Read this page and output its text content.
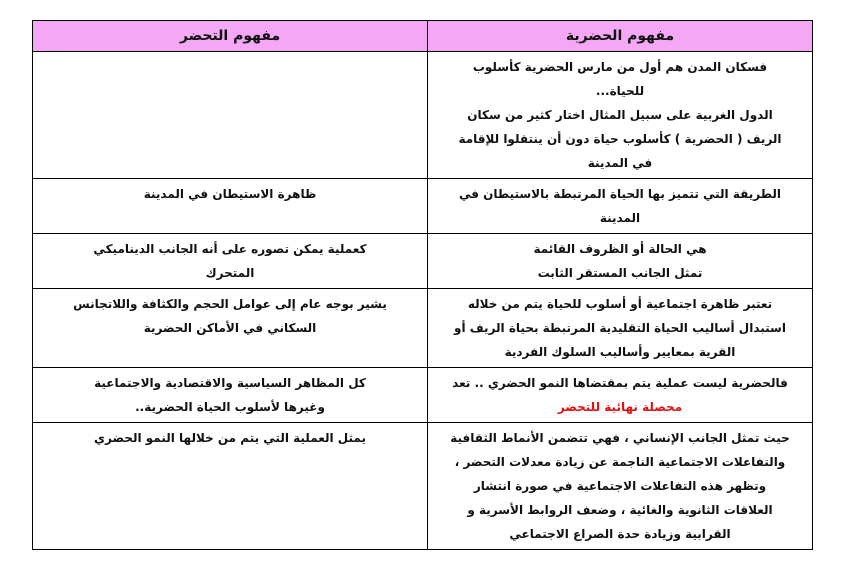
مفهوم الحضرية	مفهوم التحضر

فسكان المدن هم أول من مارس الحضرية كأسلوب
للحياة...
الدول الغربية على سبيل المثال اختار كثير من سكان
الريف ( الحضرية ) كأسلوب حياة دون أن ينتقلوا للإقامة
في المدينة	

الطريقة التي تتميز بها الحياة المرتبطة بالاستيطان في
المدينة	ظاهرة الاستيطان في المدينة

هي الحالة أو الظروف القائمة
تمثل الجانب المستقر الثابت	كعملية يمكن تصوره على أنه الجانب الديناميكي
المتحرك

تعتبر ظاهرة اجتماعية أو أسلوب للحياة يتم من خلاله
استبدال أساليب الحياة التقليدية المرتبطة بحياة الريف أو
القرية بمعايير وأساليب السلوك الفردية	يشير بوجه عام إلى عوامل الحجم والكثافة واللاتجانس
السكاني في الأماكن الحضرية

فالحضرية ليست عملية يتم بمقتضاها النمو الحضري .. تعد
محصلة نهائية للتحضر	كل المظاهر السياسية والاقتصادية والاجتماعية
وغيرها لأسلوب الحياة الحضرية..

حيث تمثل الجانب الإنساني ، فهي تتضمن الأنماط الثقافية
والتفاعلات الاجتماعية الناجمة عن زيادة معدلات التحضر ،
وتظهر هذه التفاعلات الاجتماعية في صورة انتشار
العلاقات الثانوية والغائية ، وضعف الروابط الأسرية و
القرابية وزيادة حدة الصراع الاجتماعي	يمثل العملية التي يتم من خلالها النمو الحضري
